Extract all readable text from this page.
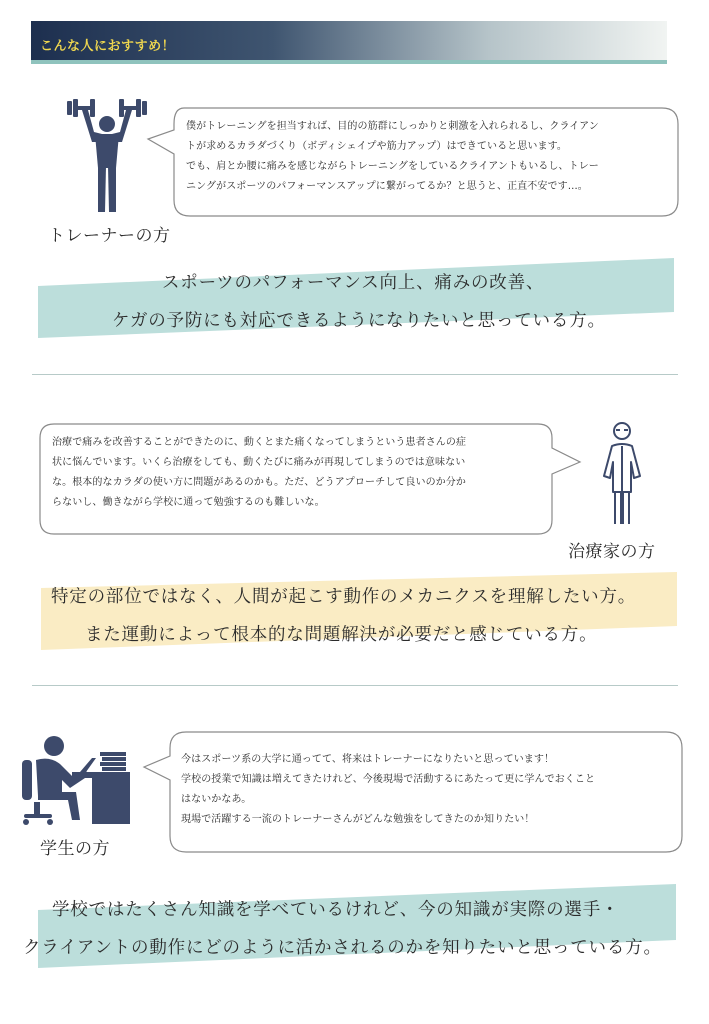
こんな人におすすめ！
トレーナーの方
僕がトレーニングを担当すれば、目的の筋群にしっかりと刺激を入れられるし、クライアン
トが求めるカラダづくり（ボディシェイプや筋力アップ）はできていると思います。
でも、肩とか腰に痛みを感じながらトレーニングをしているクライアントもいるし、トレー
ニングがスポーツのパフォーマンスアップに繋がってるか？と思うと、正直不安です…。
スポーツのパフォーマンス向上、痛みの改善、
ケガの予防にも対応できるようになりたいと思っている方。
治療で痛みを改善することができたのに、動くとまた痛くなってしまうという患者さんの症
状に悩んでいます。いくら治療をしても、動くたびに痛みが再現してしまうのでは意味ない
な。根本的なカラダの使い方に問題があるのかも。ただ、どうアプローチして良いのか分か
らないし、働きながら学校に通って勉強するのも難しいな。
治療家の方
特定の部位ではなく、人間が起こす動作のメカニクスを理解したい方。
また運動によって根本的な問題解決が必要だと感じている方。
学生の方
今はスポーツ系の大学に通ってて、将来はトレーナーになりたいと思っています！
学校の授業で知識は増えてきたけれど、今後現場で活動するにあたって更に学んでおくこと
はないかなあ。
現場で活躍する一流のトレーナーさんがどんな勉強をしてきたのか知りたい！
学校ではたくさん知識を学べているけれど、今の知識が実際の選手・
クライアントの動作にどのように活かされるのかを知りたいと思っている方。
